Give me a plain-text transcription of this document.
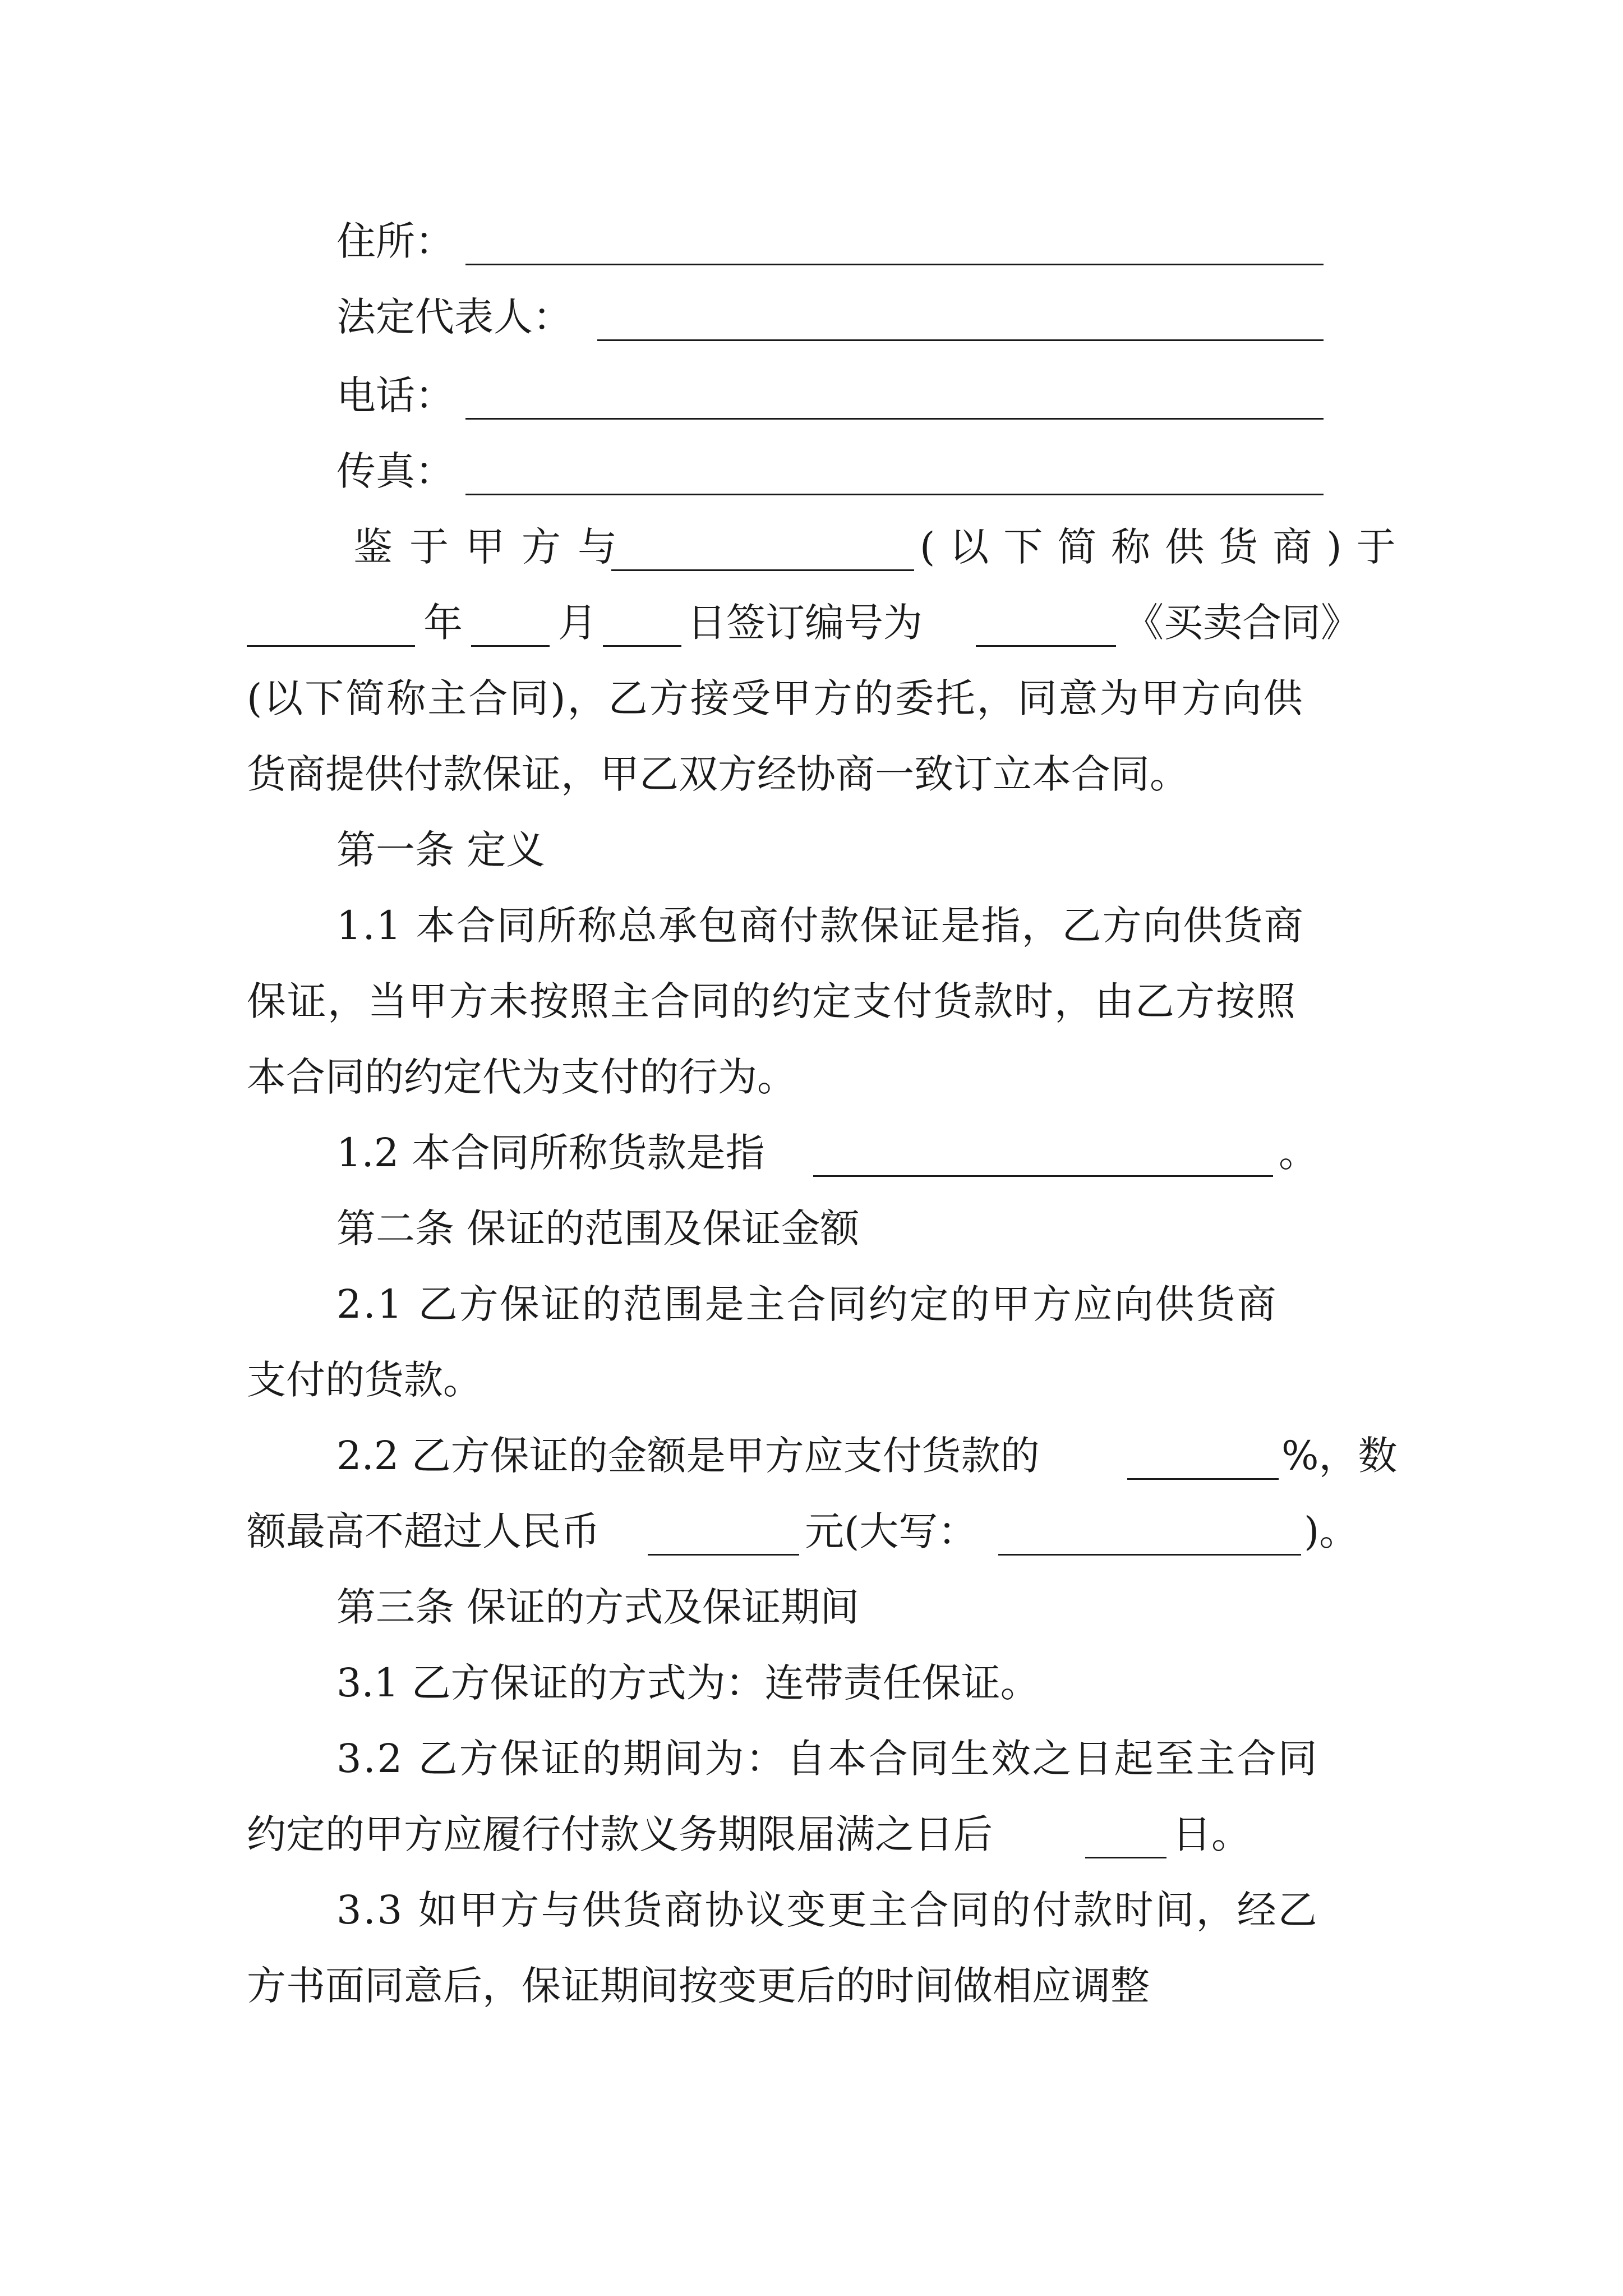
住所：
法定代表人：
电话：
传真：
鉴于甲方与	(以下简称供货商)于
年 月 日签订编号为	《买卖合同》
(以下简称主合同)，乙方接受甲方的委托，同意为甲方向供
货商提供付款保证，甲乙双方经协商一致订立本合同。
第一条 定义
1.1 本合同所称总承包商付款保证是指，乙方向供货商
保证，当甲方未按照主合同的约定支付货款时，由乙方按照
本合同的约定代为支付的行为。
1.2 本合同所称货款是指	。
第二条 保证的范围及保证金额
2.1 乙方保证的范围是主合同约定的甲方应向供货商
支付的货款。
2.2 乙方保证的金额是甲方应支付货款的	%，数
额最高不超过人民币	元(大写：	)。
第三条 保证的方式及保证期间
3.1 乙方保证的方式为：连带责任保证。
3.2 乙方保证的期间为：自本合同生效之日起至主合同
约定的甲方应履行付款义务期限届满之日后	日。
3.3 如甲方与供货商协议变更主合同的付款时间，经乙
方书面同意后，保证期间按变更后的时间做相应调整
